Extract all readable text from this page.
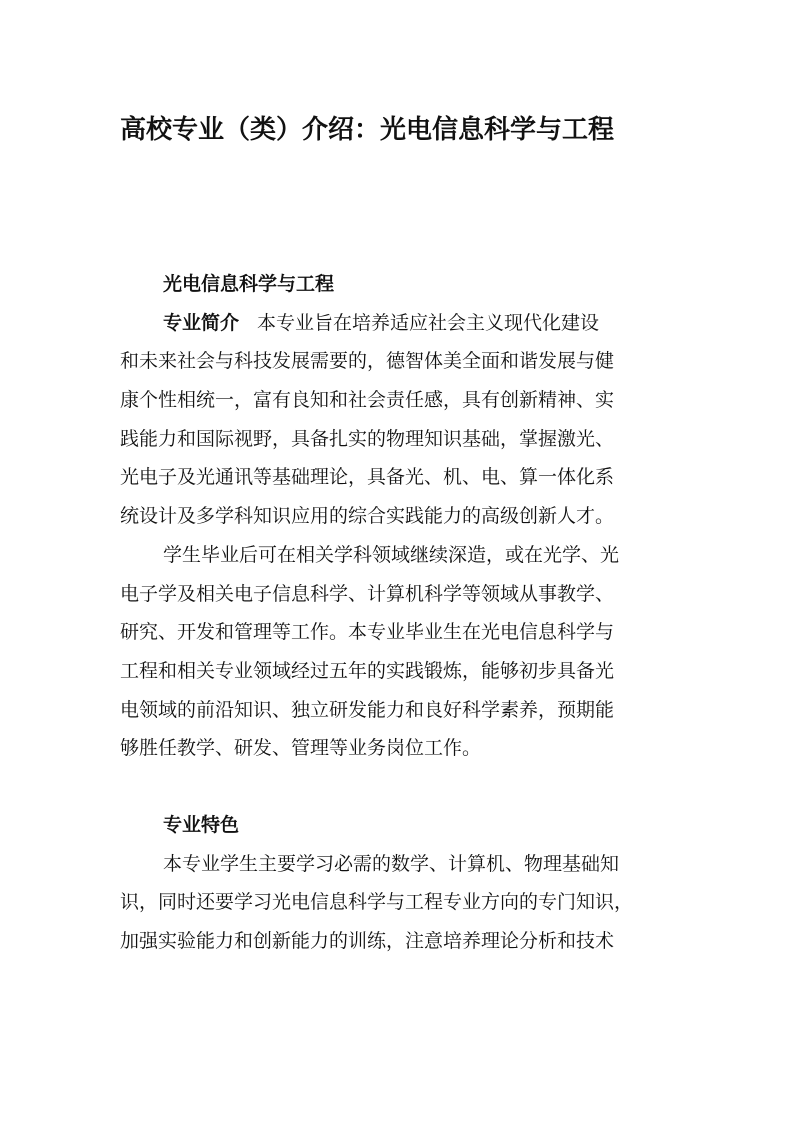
高校专业（类）介绍：光电信息科学与工程
光电信息科学与工程
专业简介 本专业旨在培养适应社会主义现代化建设
和未来社会与科技发展需要的，德智体美全面和谐发展与健
康个性相统一，富有良知和社会责任感，具有创新精神、实
践能力和国际视野，具备扎实的物理知识基础，掌握激光、
光电子及光通讯等基础理论，具备光、机、电、算一体化系
统设计及多学科知识应用的综合实践能力的高级创新人才。
学生毕业后可在相关学科领域继续深造，或在光学、光
电子学及相关电子信息科学、计算机科学等领域从事教学、
研究、开发和管理等工作。本专业毕业生在光电信息科学与
工程和相关专业领域经过五年的实践锻炼，能够初步具备光
电领域的前沿知识、独立研发能力和良好科学素养，预期能
够胜任教学、研发、管理等业务岗位工作。
专业特色
本专业学生主要学习必需的数学、计算机、物理基础知
识，同时还要学习光电信息科学与工程专业方向的专门知识，
加强实验能力和创新能力的训练，注意培养理论分析和技术
